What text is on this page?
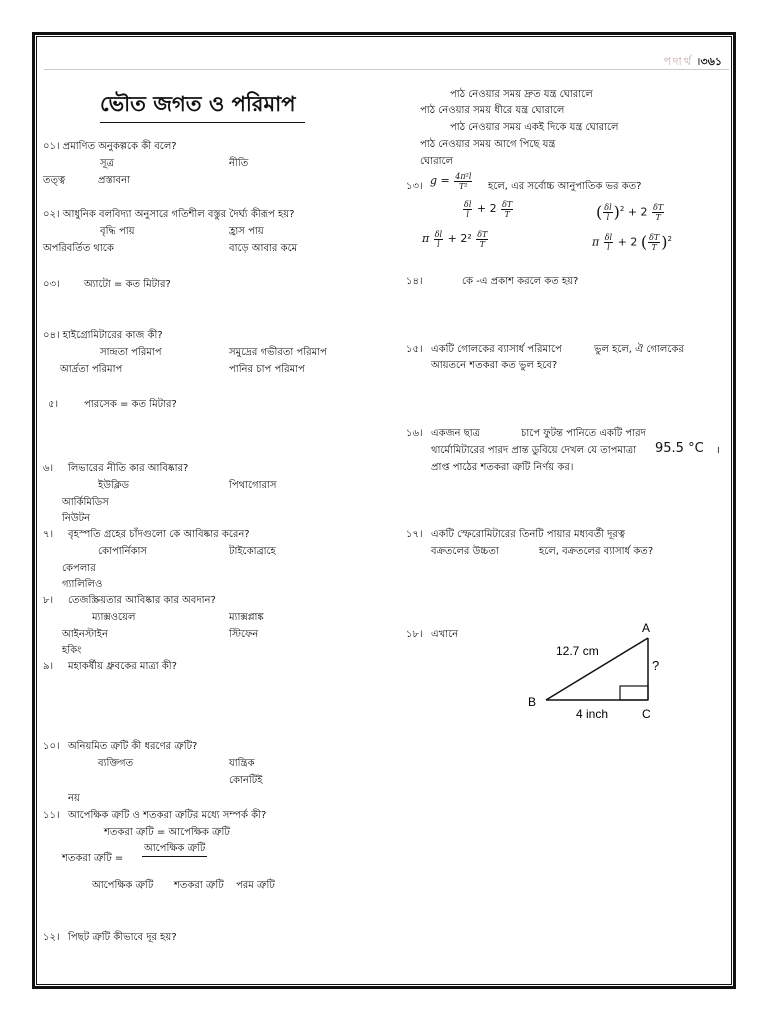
পদার্থ ।৩৬১
ভৌত জগত ও পরিমাপ
০১। প্রমাণিত অনুকল্পকে কী বলে?
সূত্র	নীতি
তত্ত্ব	প্রস্তাবনা
০২। আধুনিক বলবিদ্যা অনুসারে গতিশীল বস্তুর দৈর্ঘ্য কীরূপ হয়?
বৃদ্ধি পায়	হ্রাস পায়
অপরিবর্তিত থাকে	বাড়ে আবার কমে
০৩। অ্যাটো = কত মিটার?
০৪। হাইগ্রোমিটারের কাজ কী?
সান্দ্রতা পরিমাপ	সমুদ্রের গভীরতা পরিমাপ
আর্দ্রতা পরিমাপ	পানির চাপ পরিমাপ
৫।	পারসেক = কত মিটার?
৬। লিভারের নীতি কার আবিষ্কার?
ইউক্লিড	পিথাগোরাস
আর্কিমিডিস
নিউটন
৭। বৃহস্পতি গ্রহের চাঁদগুলো কে আবিষ্কার করেন?
কোপার্নিকাস	টাইকোব্রাহে
কেপলার
গ্যালিলিও
৮। তেজস্ক্রিয়তার আবিষ্কার কার অবদান?
ম্যাক্সওয়েল	ম্যাক্সপ্লাঙ্ক
আইনস্টাইন	স্টিফেন
হকিং
৯। মহাকর্ষীয় ধ্রুবকের মাত্রা কী?
১০। অনিয়মিত ত্রুটি কী ধরণের ত্রুটি?
ব্যক্তিগত	যান্ত্রিক
কোনটিই
নয়
১১। আপেক্ষিক ত্রুটি ও শতকরা ত্রুটির মধ্যে সম্পর্ক কী?
শতকরা ত্রুটি = আপেক্ষিক ত্রুটি
শতকরা ত্রুটি =
আপেক্ষিক ত্রুটি
আপেক্ষিক ত্রুটি শতকরা ত্রুটি পরম ত্রুটি
১২। পিছট ত্রুটি কীভাবে দূর হয়?
পাঠ নেওয়ার সময় দ্রুত যন্ত্র ঘোরালে
পাঠ নেওয়ার সময় ধীরে যন্ত্র ঘোরালে
পাঠ নেওয়ার সময় একই দিকে যন্ত্র ঘোরালে
পাঠ নেওয়ার সময় আগে পিছে যন্ত্র
ঘোরালে
১৩। $g = \frac{\text{4π²l}}{\text{T²}}$ হলে, এর সর্বোচ্চ আনুপাতিক ভর কত?
$\frac{\delta l}{l} + 2 \frac{\delta T}{T}$	( $\frac{\delta l}{l} )^2 + 2 \frac{\delta T}{T}$
π $\frac{\delta l}{l} + 2^2 \frac{\delta T}{T}$	π $\frac{\delta l}{l} + 2$ ( $\frac{\delta T}{T} )^2$
১৪।	কে -এ প্রকাশ করলে কত হয়?
১৫। একটি গোলকের ব্যাসার্ধ পরিমাপে	ভুল হলে, ঐ গোলকের
আয়তনে শতকরা কত ভুল হবে?
১৬। একজন ছাত্র	চাপে ফুটন্ত পানিতে একটি পারদ
থার্মোমিটারের পারদ প্রান্ত ডুবিয়ে দেখল যে তাপমাত্রা 95.5 °C ।
প্রাপ্ত পাঠের শতকরা ত্রুটি নির্ণয় কর।
১৭। একটি স্ফেরোমিটারের তিনটি পায়ার মধ্যবর্তী দূরত্ব
বক্রতলের উচ্চতা	হলে, বক্রতলের ব্যাসার্ধ কত?
১৮। এখানে	A
B
C
12.7 cm
4 inch
?
